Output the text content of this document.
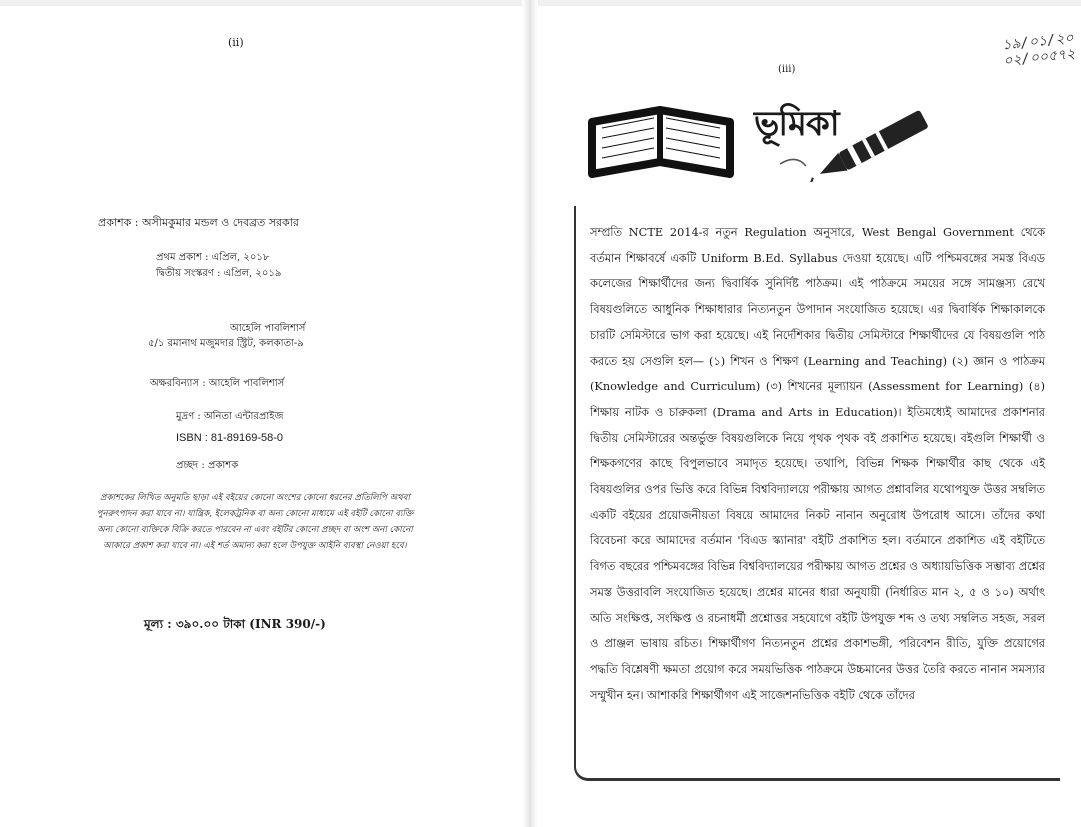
(ii)
প্রকাশক : অসীমকুমার মন্ডল ও দেবব্রত সরকার
প্রথম প্রকাশ : এপ্রিল, ২০১৮
দ্বিতীয় সংস্করণ : এপ্রিল, ২০১৯
আহেলি পাবলিশার্স
৫/১ রমানাথ মজুমদার স্ট্রিট, কলকাতা-৯
অক্ষরবিন্যাস : আহেলি পাবলিশার্স
মুদ্রণ : অনিতা এন্টারপ্রাইজ
ISBN : 81-89169-58-0
প্রচ্ছদ : প্রকাশক
প্রকাশকের লিখিত অনুমতি ছাড়া এই বইয়ের কোনো অংশের কোনো ধরনের প্রতিলিপি অথবা পুনরুৎপাদন করা যাবে না। যান্ত্রিক, ইলেকট্রনিক বা অন্য কোনো মাধ্যমে এই বইটি কোনো ব্যক্তি অন্য কোনো ব্যক্তিকে বিক্রি করতে পারবেন না এবং বইটির কোনো প্রচ্ছদ বা অংশ অন্য কোনো আকারে প্রকাশ করা যাবে না। এই শর্ত অমান্য করা হলে উপযুক্ত আইনি ব্যবস্থা নেওয়া হবে।
মূল্য : ৩৯০.০০ টাকা (INR 390/-)
১৯/০১/২০
০২/০০৫৭২
(iii)
ভূমিকা
সম্প্রতি NCTE 2014-র নতুন Regulation অনুসারে, West Bengal Government থেকে বর্তমান শিক্ষাবর্ষে একটি Uniform B.Ed. Syllabus দেওয়া হয়েছে। এটি পশ্চিমবঙ্গের সমস্ত বিএড কলেজের শিক্ষার্থীদের জন্য দ্বিবার্ষিক সুনির্দিষ্ট পাঠক্রম। এই পাঠক্রমে সময়ের সঙ্গে সামঞ্জস্য রেখে বিষয়গুলিতে আধুনিক শিক্ষাধারার নিত্যনতুন উপাদান সংযোজিত হয়েছে। এর দ্বিবার্ষিক শিক্ষাকালকে চারটি সেমিস্টারে ভাগ করা হয়েছে। এই নির্দেশিকার দ্বিতীয় সেমিস্টারে শিক্ষার্থীদের যে বিষয়গুলি পাঠ করতে হয় সেগুলি হল— (১) শিখন ও শিক্ষণ (Learning and Teaching) (২) জ্ঞান ও পাঠক্রম (Knowledge and Curriculum) (৩) শিখনের মূল্যায়ন (Assessment for Learning) (৪) শিক্ষায় নাটক ও চারুকলা (Drama and Arts in Education)। ইতিমধ্যেই আমাদের প্রকাশনার দ্বিতীয় সেমিস্টারের অন্তর্ভুক্ত বিষয়গুলিকে নিয়ে পৃথক পৃথক বই প্রকাশিত হয়েছে। বইগুলি শিক্ষার্থী ও শিক্ষকগণের কাছে বিপুলভাবে সমাদৃত হয়েছে। তথাপি, বিভিন্ন শিক্ষক শিক্ষার্থীর কাছ থেকে এই বিষয়গুলির ওপর ভিত্তি করে বিভিন্ন বিশ্ববিদ্যালয়ে পরীক্ষায় আগত প্রশ্নাবলির যথোপযুক্ত উত্তর সম্বলিত একটি বইয়ের প্রয়োজনীয়তা বিষয়ে আমাদের নিকট নানান অনুরোধ উপরোধ আসে। তাঁদের কথা বিবেচনা করে আমাদের বর্তমান 'বিএড স্ক্যানার' বইটি প্রকাশিত হল। বর্তমানে প্রকাশিত এই বইটিতে বিগত বছরের পশ্চিমবঙ্গের বিভিন্ন বিশ্ববিদ্যালয়ের পরীক্ষায় আগত প্রশ্নের ও অধ্যায়ভিত্তিক সম্ভাব্য প্রশ্নের সমস্ত উত্তরাবলি সংযোজিত হয়েছে। প্রশ্নের মানের ধারা অনুযায়ী (নির্ধারিত মান ২, ৫ ও ১০) অর্থাৎ অতি সংক্ষিপ্ত, সংক্ষিপ্ত ও রচনাধর্মী প্রশ্নোত্তর সহযোগে বইটি উপযুক্ত শব্দ ও তথ্য সম্বলিত সহজ, সরল ও প্রাঞ্জল ভাষায় রচিত। শিক্ষার্থীগণ নিত্যনতুন প্রশ্নের প্রকাশভঙ্গী, পরিবেশন রীতি, যুক্তি প্রয়োগের পদ্ধতি বিশ্লেষণী ক্ষমতা প্রয়োগ করে সময়ভিত্তিক পাঠক্রমে উচ্চমানের উত্তর তৈরি করতে নানান সমস্যার সম্মুখীন হন। আশাকরি শিক্ষার্থীগণ এই সাজেশনভিত্তিক বইটি থেকে তাঁদের
